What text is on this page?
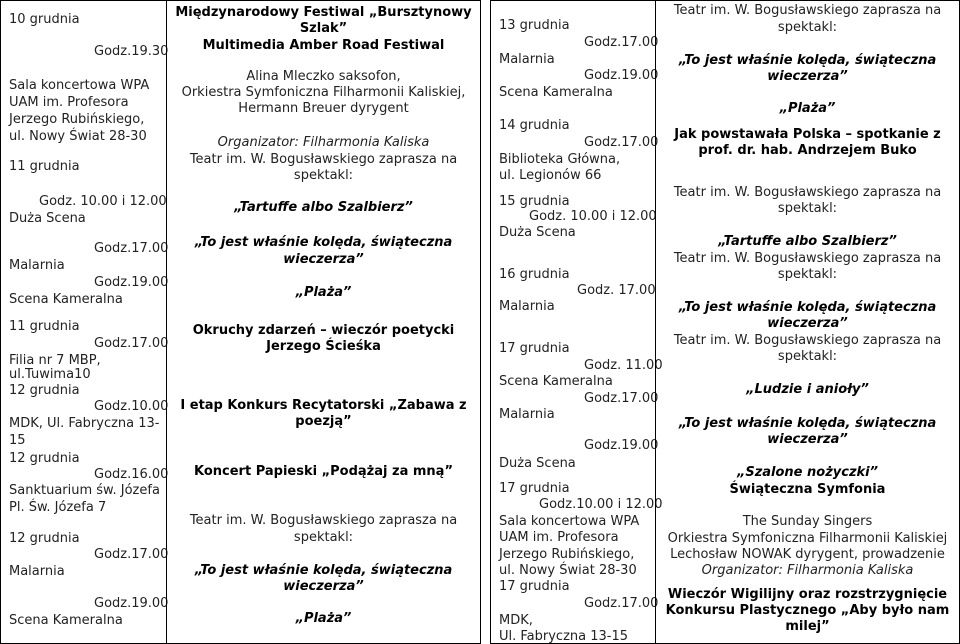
10 grudnia
Godz.19.30
Sala koncertowa WPA
UAM im. Profesora
Jerzego Rubińskiego,
ul. Nowy Świat 28-30
11 grudnia
Godz. 10.00 i 12.00
Duża Scena
Godz.17.00
Malarnia
Godz.19.00
Scena Kameralna
11 grudnia
Godz.17.00
Filia nr 7 MBP,
ul.Tuwima10
12 grudnia
Godz.10.00
MDK, Ul. Fabryczna 13-
15
12 grudnia
Godz.16.00
Sanktuarium św. Józefa
Pl. Św. Józefa 7
12 grudnia
Godz.17.00
Malarnia
Godz.19.00
Scena Kameralna
Międzynarodowy Festiwal „Bursztynowy
Szlak”
Multimedia Amber Road Festiwal
Alina Mleczko saksofon,
Orkiestra Symfoniczna Filharmonii Kaliskiej,
Hermann Breuer dyrygent
Organizator: Filharmonia Kaliska
Teatr im. W. Bogusławskiego zaprasza na
spektakl:
„Tartuffe albo Szalbierz”
„To jest właśnie kolęda, świąteczna
wieczerza”
„Plaża”
Okruchy zdarzeń – wieczór poetycki
Jerzego Ścieśka
I etap Konkurs Recytatorski „Zabawa z
poezją”
Koncert Papieski „Podążaj za mną”
Teatr im. W. Bogusławskiego zaprasza na
spektakl:
„To jest właśnie kolęda, świąteczna
wieczerza”
„Plaża”
13 grudnia
Godz.17.00
Malarnia
Godz.19.00
Scena Kameralna
14 grudnia
Godz.17.00
Biblioteka Główna,
ul. Legionów 66
15 grudnia
Godz. 10.00 i 12.00
Duża Scena
16 grudnia
Godz. 17.00
Malarnia
17 grudnia
Godz. 11.00
Scena Kameralna
Godz.17.00
Malarnia
Godz.19.00
Duża Scena
17 grudnia
Godz.10.00 i 12.00
Sala koncertowa WPA
UAM im. Profesora
Jerzego Rubińskiego,
ul. Nowy Świat 28-30
17 grudnia
Godz.17.00
MDK,
Ul. Fabryczna 13-15
Teatr im. W. Bogusławskiego zaprasza na
spektakl:
„To jest właśnie kolęda, świąteczna
wieczerza”
„Plaża”
Jak powstawała Polska – spotkanie z
prof. dr. hab. Andrzejem Buko
Teatr im. W. Bogusławskiego zaprasza na
spektakl:
„Tartuffe albo Szalbierz”
Teatr im. W. Bogusławskiego zaprasza na
spektakl:
„To jest właśnie kolęda, świąteczna
wieczerza”
Teatr im. W. Bogusławskiego zaprasza na
spektakl:
„Ludzie i anioły”
„To jest właśnie kolęda, świąteczna
wieczerza”
„Szalone nożyczki”
Świąteczna Symfonia
The Sunday Singers
Orkiestra Symfoniczna Filharmonii Kaliskiej
Lechosław NOWAK dyrygent, prowadzenie
Organizator: Filharmonia Kaliska
Wieczór Wigilijny oraz rozstrzygnięcie
Konkursu Plastycznego „Aby było nam
milej”
